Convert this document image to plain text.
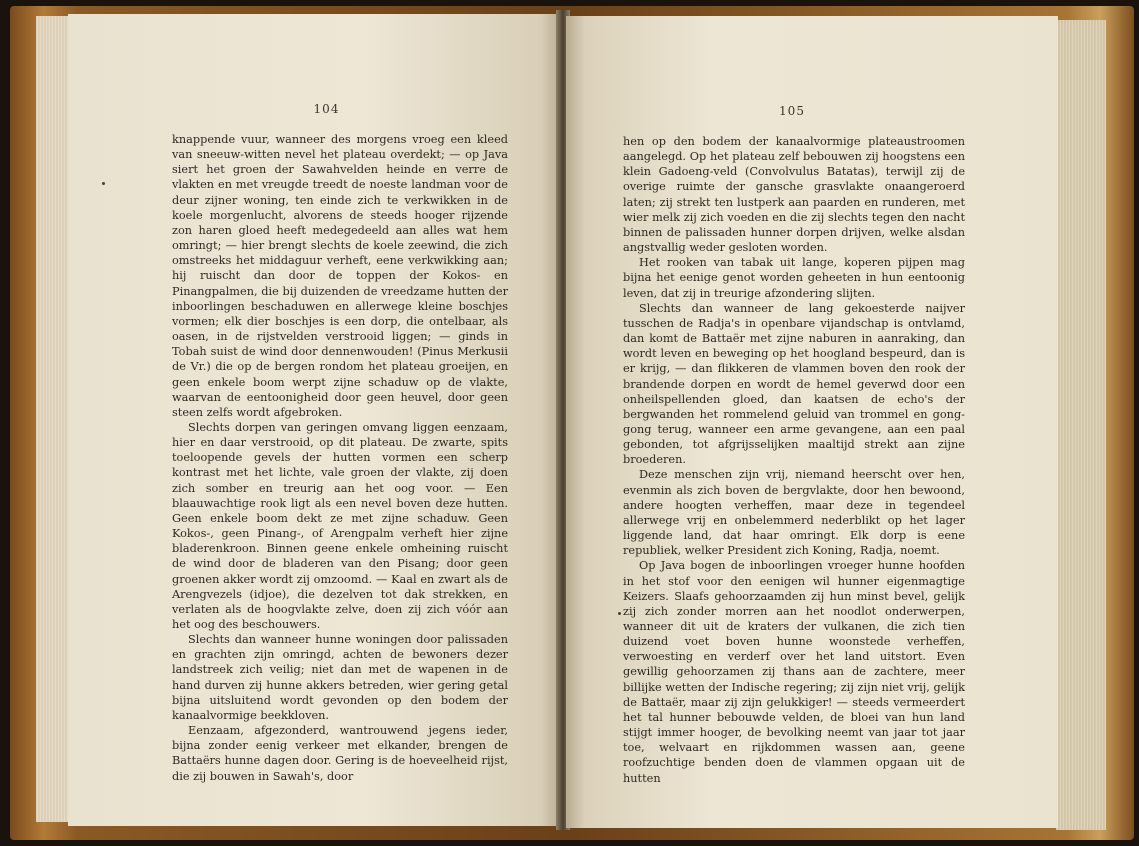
104

knappende vuur, wanneer des morgens vroeg een kleed van sneeuw-witten nevel het plateau overdekt; — op Java siert het groen der Sawahvelden heinde en verre de vlakten en met vreugde treedt de noeste landman voor de deur zijner woning, ten einde zich te verkwikken in de koele morgenlucht, alvorens de steeds hooger rijzende zon haren gloed heeft medegedeeld aan alles wat hem omringt; — hier brengt slechts de koele zeewind, die zich omstreeks het middaguur verheft, eene verkwikking aan; hij ruischt dan door de toppen der Kokos- en Pinangpalmen, die bij duizenden de vreedzame hutten der inboorlingen beschaduwen en allerwege kleine boschjes vormen; elk dier boschjes is een dorp, die ontelbaar, als oasen, in de rijstvelden verstrooid liggen; — ginds in Tobah suist de wind door dennenwouden! (Pinus Merkusii de Vr.) die op de bergen rondom het plateau groeijen, en geen enkele boom werpt zijne schaduw op de vlakte, waarvan de eentoonigheid door geen heuvel, door geen steen zelfs wordt afgebroken.

Slechts dorpen van geringen omvang liggen eenzaam, hier en daar verstrooid, op dit plateau. De zwarte, spits toeloopende gevels der hutten vormen een scherp kontrast met het lichte, vale groen der vlakte, zij doen zich somber en treurig aan het oog voor. — Een blaauwachtige rook ligt als een nevel boven deze hutten. Geen enkele boom dekt ze met zijne schaduw. Geen Kokos-, geen Pinang-, of Arengpalm verheft hier zijne bladerenkroon. Binnen geene enkele omheining ruischt de wind door de bladeren van den Pisang; door geen groenen akker wordt zij omzoomd. — Kaal en zwart als de Arengvezels (idjoe), die dezelven tot dak strekken, en verlaten als de hoogvlakte zelve, doen zij zich vóór aan het oog des beschouwers.

Slechts dan wanneer hunne woningen door palissaden en grachten zijn omringd, achten de bewoners dezer landstreek zich veilig; niet dan met de wapenen in de hand durven zij hunne akkers betreden, wier gering getal bijna uitsluitend wordt gevonden op den bodem der kanaalvormige beekkloven.

Eenzaam, afgezonderd, wantrouwend jegens ieder, bijna zonder eenig verkeer met elkander, brengen de Battaërs hunne dagen door. Gering is de hoeveelheid rijst, die zij bouwen in Sawah's, door

105

hen op den bodem der kanaalvormige plateaustroomen aangelegd. Op het plateau zelf bebouwen zij hoogstens een klein Gadoeng-veld (Convolvulus Batatas), terwijl zij de overige ruimte der gansche grasvlakte onaangeroerd laten; zij strekt ten lustperk aan paarden en runderen, met wier melk zij zich voeden en die zij slechts tegen den nacht binnen de palissaden hunner dorpen drijven, welke alsdan angstvallig weder gesloten worden.

Het rooken van tabak uit lange, koperen pijpen mag bijna het eenige genot worden geheeten in hun eentoonig leven, dat zij in treurige afzondering slijten.

Slechts dan wanneer de lang gekoesterde naijver tusschen de Radja's in openbare vijandschap is ontvlamd, dan komt de Battaër met zijne naburen in aanraking, dan wordt leven en beweging op het hoogland bespeurd, dan is er krijg, — dan flikkeren de vlammen boven den rook der brandende dorpen en wordt de hemel geverwd door een onheilspellenden gloed, dan kaatsen de echo's der bergwanden het rommelend geluid van trommel en gong-gong terug, wanneer een arme gevangene, aan een paal gebonden, tot afgrijsselijken maaltijd strekt aan zijne broederen.

Deze menschen zijn vrij, niemand heerscht over hen, evenmin als zich boven de bergvlakte, door hen bewoond, andere hoogten verheffen, maar deze in tegendeel allerwege vrij en onbelemmerd nederblikt op het lager liggende land, dat haar omringt. Elk dorp is eene republiek, welker President zich Koning, Radja, noemt.

Op Java bogen de inboorlingen vroeger hunne hoofden in het stof voor den eenigen wil hunner eigenmagtige Keizers. Slaafs gehoorzaamden zij hun minst bevel, gelijk zij zich zonder morren aan het noodlot onderwerpen, wanneer dit uit de kraters der vulkanen, die zich tien duizend voet boven hunne woonstede verheffen, verwoesting en verderf over het land uitstort. Even gewillig gehoorzamen zij thans aan de zachtere, meer billijke wetten der Indische regering; zij zijn niet vrij, gelijk de Battaër, maar zij zijn gelukkiger! — steeds vermeerdert het tal hunner bebouwde velden, de bloei van hun land stijgt immer hooger, de bevolking neemt van jaar tot jaar toe, welvaart en rijkdommen wassen aan, geene roofzuchtige benden doen de vlammen opgaan uit de hutten
